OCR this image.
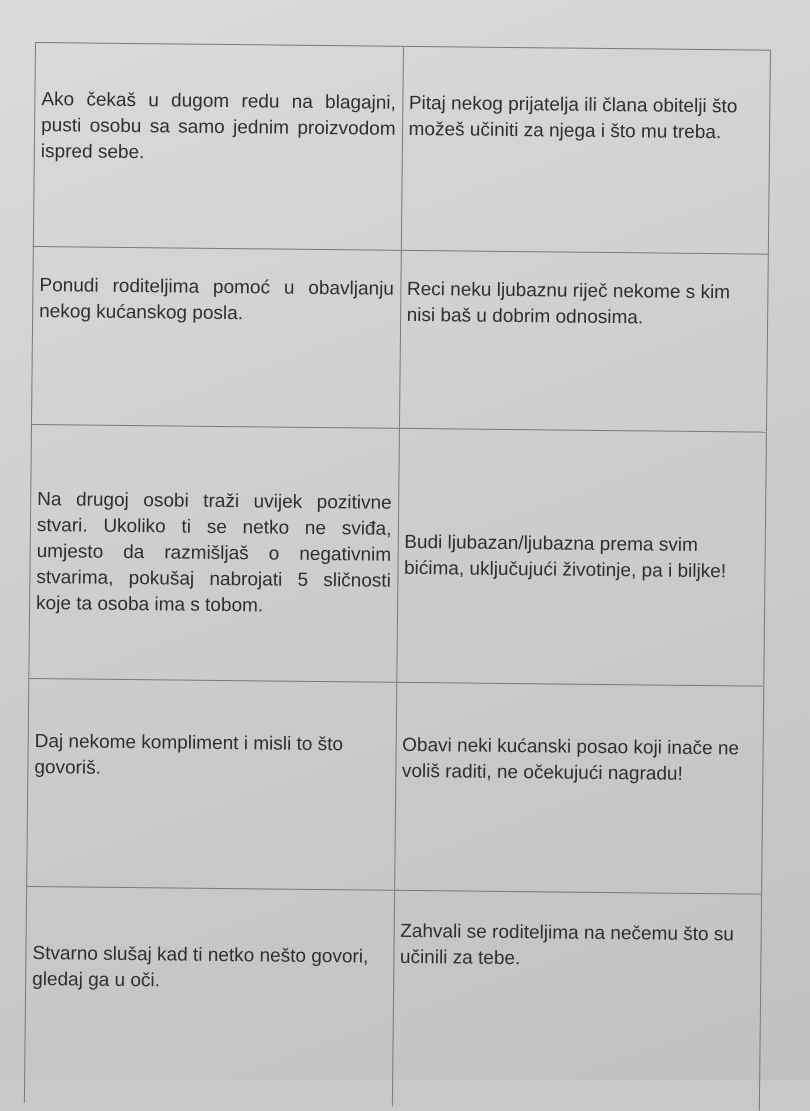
Ako čekaš u dugom redu na blagajni, pusti osobu sa samo jednim proizvodom ispred sebe.
Pitaj nekog prijatelja ili člana obitelji što možeš učiniti za njega i što mu treba.
Ponudi roditeljima pomoć u obavljanju nekog kućanskog posla.
Reci neku ljubaznu riječ nekome s kim nisi baš u dobrim odnosima.
Na drugoj osobi traži uvijek pozitivne stvari. Ukoliko ti se netko ne sviđa, umjesto da razmišljaš o negativnim stvarima, pokušaj nabrojati 5 sličnosti koje ta osoba ima s tobom.
Budi ljubazan/ljubazna prema svim bićima, uključujući životinje, pa i biljke!
Daj nekome kompliment i misli to što govoriš.
Obavi neki kućanski posao koji inače ne voliš raditi, ne očekujući nagradu!
Stvarno slušaj kad ti netko nešto govori, gledaj ga u oči.
Zahvali se roditeljima na nečemu što su učinili za tebe.
